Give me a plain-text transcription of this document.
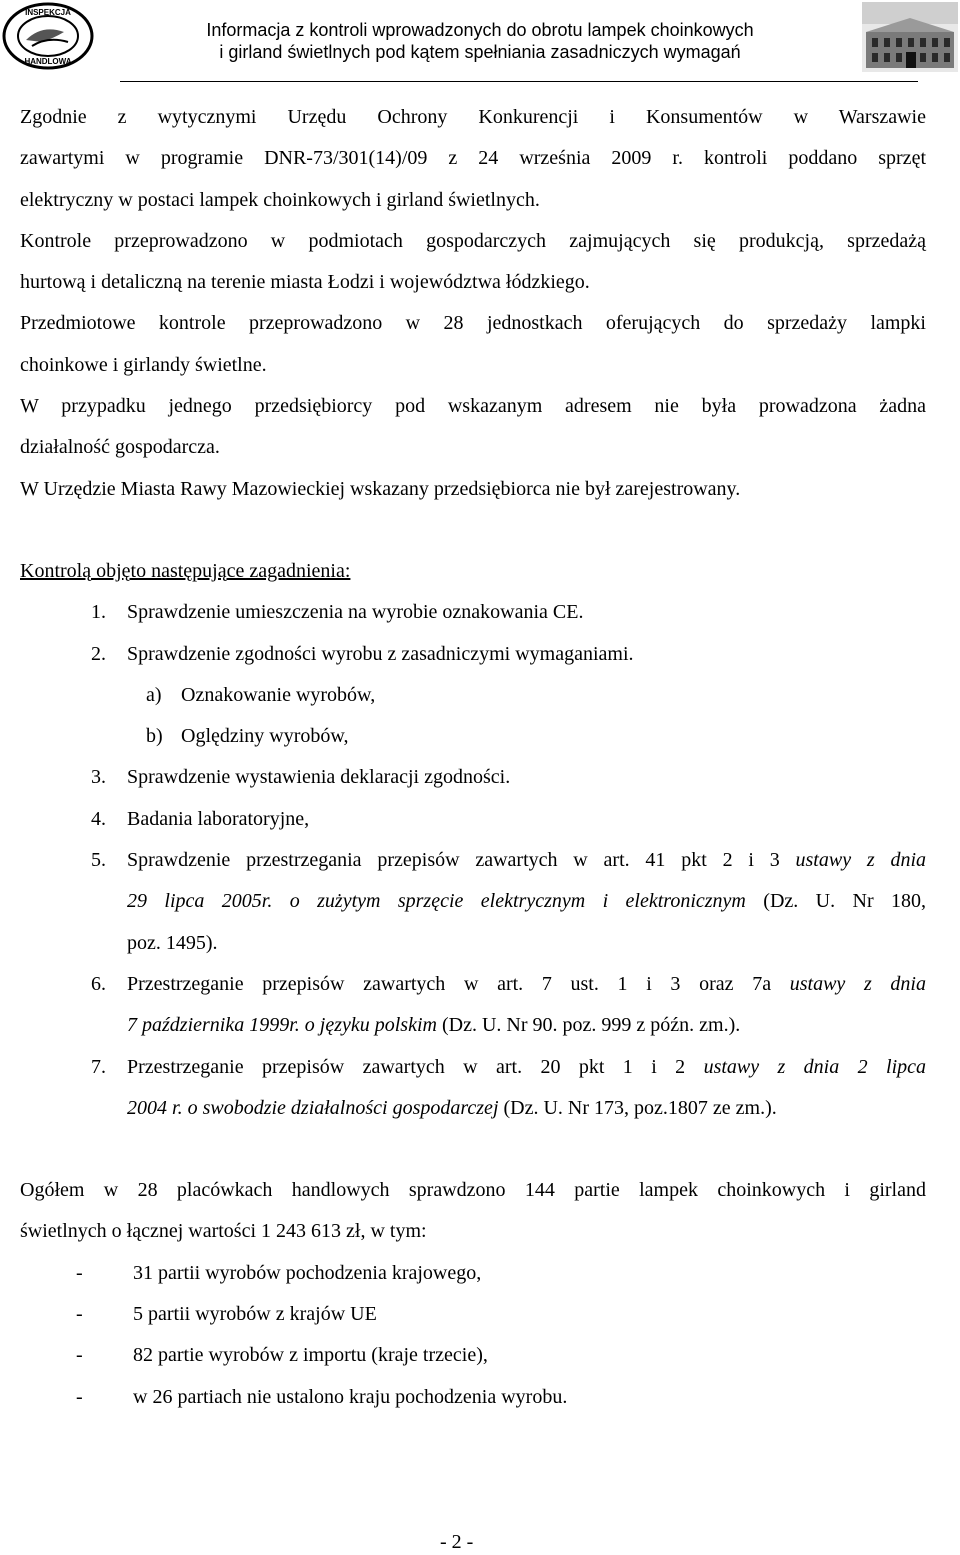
INSPEKCJA
HANDLOWA
Informacja z kontroli wprowadzonych do obrotu lampek choinkowych
i girland świetlnych pod kątem spełniania zasadniczych wymagań

Zgodnie z wytycznymi Urzędu Ochrony Konkurencji i Konsumentów w Warszawie

zawartymi w programie DNR-73/301(14)/09 z 24 września 2009 r. kontroli poddano sprzęt

elektryczny w postaci lampek choinkowych i girland świetlnych.

Kontrole przeprowadzono w podmiotach gospodarczych zajmujących się produkcją, sprzedażą

hurtową i detaliczną na terenie miasta Łodzi i województwa łódzkiego.

Przedmiotowe kontrole przeprowadzono w 28 jednostkach oferujących do sprzedaży lampki

choinkowe i girlandy świetlne.

W przypadku jednego przedsiębiorcy pod wskazanym adresem nie była prowadzona żadna

działalność gospodarcza.

W Urzędzie Miasta Rawy Mazowieckiej wskazany przedsiębiorca nie był zarejestrowany.

Kontrolą objęto następujące zagadnienia:

1. Sprawdzenie umieszczenia na wyrobie oznakowania CE.
2. Sprawdzenie zgodności wyrobu z zasadniczymi wymaganiami.
a) Oznakowanie wyrobów,
b) Oględziny wyrobów,
3. Sprawdzenie wystawienia deklaracji zgodności.
4. Badania laboratoryjne,
5. Sprawdzenie przestrzegania przepisów zawartych w art. 41 pkt 2 i 3 ustawy z dnia
29 lipca 2005r. o zużytym sprzęcie elektrycznym i elektronicznym (Dz. U. Nr 180,
poz. 1495).
6. Przestrzeganie przepisów zawartych w art. 7 ust. 1 i 3 oraz 7a ustawy z dnia
7 października 1999r. o języku polskim (Dz. U. Nr 90. poz. 999 z późn. zm.).
7. Przestrzeganie przepisów zawartych w art. 20 pkt 1 i 2 ustawy z dnia 2 lipca
2004 r. o swobodzie działalności gospodarczej (Dz. U. Nr 173, poz.1807 ze zm.).

Ogółem w 28 placówkach handlowych sprawdzono 144 partie lampek choinkowych i girland

świetlnych o łącznej wartości 1 243 613 zł, w tym:

-	31 partii wyrobów pochodzenia krajowego,
-	5 partii wyrobów z krajów UE
-	82 partie wyrobów z importu (kraje trzecie),
-	w 26 partiach nie ustalono kraju pochodzenia wyrobu.
- 2 -
